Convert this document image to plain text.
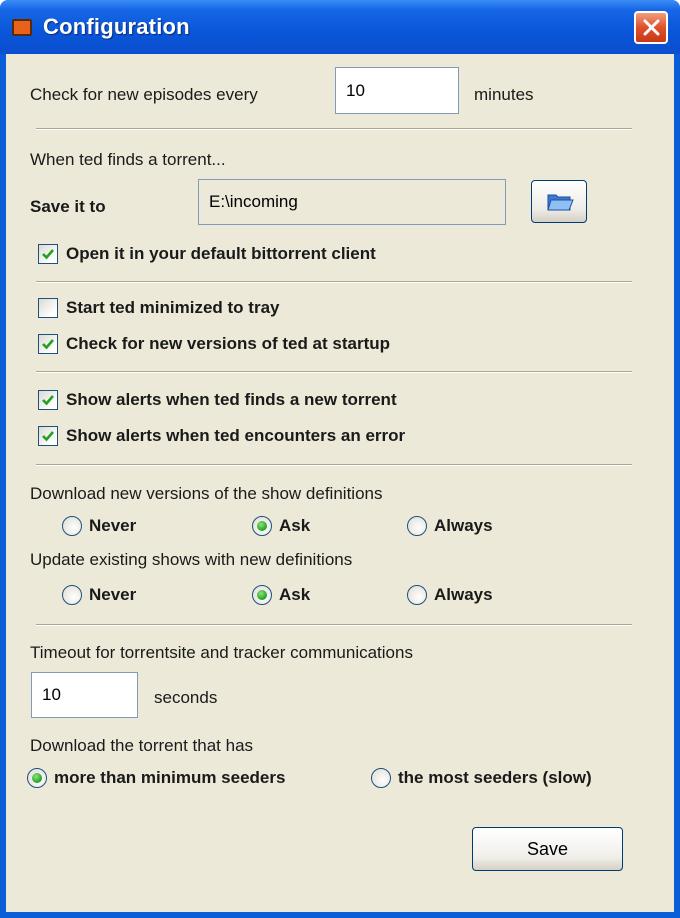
Configuration
Check for new episodes every	10	minutes
When ted finds a torrent...
Save it to	E:\incoming
Open it in your default bittorrent client
Start ted minimized to tray
Check for new versions of ted at startup
Show alerts when ted finds a new torrent
Show alerts when ted encounters an error
Download new versions of the show definitions
Never	Ask	Always
Update existing shows with new definitions
Never	Ask	Always
Timeout for torrentsite and tracker communications
10	seconds
Download the torrent that has
more than minimum seeders	the most seeders (slow)
Save
